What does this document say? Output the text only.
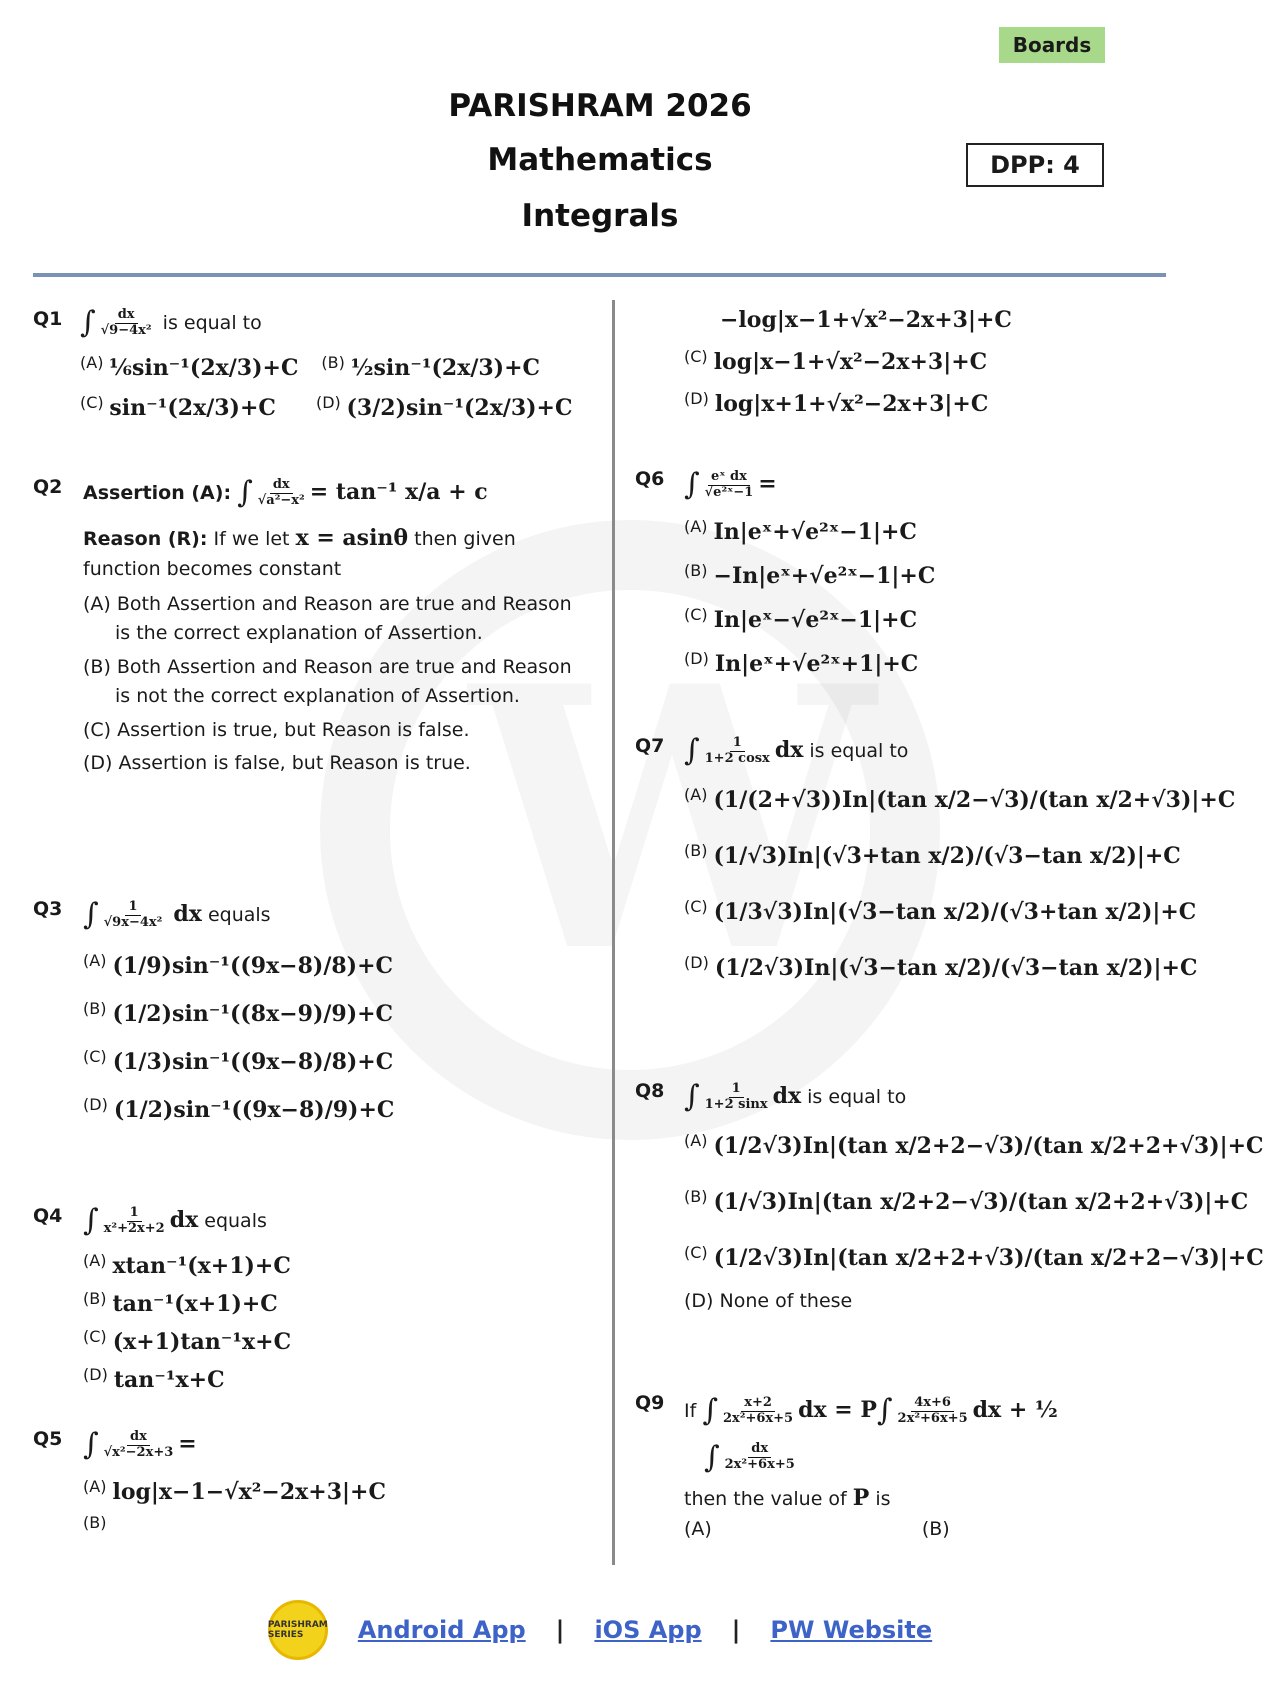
Boards
PARISHRAM 2026
Mathematics
Integrals
DPP: 4
Q1 ∫ $\frac{dx}{\text{√9−4x²}}$ is equal to
(A) ⅙sin⁻¹(2x/3)+C (B) ½sin⁻¹(2x/3)+C
(C) sin⁻¹(2x/3)+C	(D) (3/2)sin⁻¹(2x/3)+C
Q2 Assertion (A): ∫ $\frac{dx}{\text{√a²−x²}} = \tan^{-1}$ x/a + c
Reason (R): If we let x = asinθ then given function becomes constant
(A) Both Assertion and Reason are true and Reason is the correct explanation of Assertion.
(B) Both Assertion and Reason are true and Reason is not the correct explanation of Assertion.
(C) Assertion is true, but Reason is false.
(D) Assertion is false, but Reason is true.
Q3 ∫ $\frac{1}{\text{√9x−4x²}}$ dx equals
$^{(A)}$ (1/9)sin⁻¹((9x−8)/8)+C
$^{(B)}$ (1/2)sin⁻¹((8x−9)/9)+C
$^{(C)}$ (1/3)sin⁻¹((9x−8)/8)+C
$^{(D)}$ (1/2)sin⁻¹((9x−8)/9)+C
Q4 ∫ $\frac{1}{\text{x²+2x+2}}$ dx equals
$^{(A)}$ xtan⁻¹(x+1)+C
$^{(B)}$ tan⁻¹(x+1)+C
$^{(C)}$ (x+1)tan⁻¹x+C
$^{(D)}$ tan⁻¹x+C
Q5 ∫ $\frac{dx}{\text{√x²−2x+3}}$ =
$^{(A)}$ log|x−1−√x²−2x+3|+C
$^{(B)}$
−log|x−1+√x²−2x+3|+C
$^{(C)}$ log|x−1+√x²−2x+3|+C
$^{(D)}$ log|x+1+√x²−2x+3|+C
Q6 ∫ $\frac{\text{eˣ dx}}{\text{√e²ˣ−1}}$ =
$^{(A)}$ In|eˣ+√e²ˣ−1|+C
$^{(B)}$ −In|eˣ+√e²ˣ−1|+C
$^{(C)}$ In|eˣ−√e²ˣ−1|+C
$^{(D)}$ In|eˣ+√e²ˣ+1|+C
Q7 ∫ $\frac{1}{1+2 \cos x}$ dx is equal to
$^{(A)}$ (1/(2+√3))In|(tan x/2−√3)/(tan x/2+√3)|+C
$^{(B)}$ (1/√3)In|(√3+tan x/2)/(√3−tan x/2)|+C
$^{(C)}$ (1/3√3)In|(√3−tan x/2)/(√3+tan x/2)|+C
$^{(D)}$ (1/2√3)In|(√3−tan x/2)/(√3−tan x/2)|+C
Q8 ∫ $\frac{1}{1+2 \sin x}$ dx is equal to
$^{(A)}$ (1/2√3)In|(tan x/2+2−√3)/(tan x/2+2+√3)|+C
$^{(B)}$ (1/√3)In|(tan x/2+2−√3)/(tan x/2+2+√3)|+C
$^{(C)}$ (1/2√3)In|(tan x/2+2+√3)/(tan x/2+2−√3)|+C
(D) None of these
Q9 If ∫ $\frac{x+2}{\text{2x²+6x+5}}$ dx = $P\int \frac{4x+6}{\text{2x²+6x+5}}$ dx + ½
∫ $\frac{dx}{\text{2x²+6x+5}}$
then the value of P is
(A)	(B)
PARISHRAM SERIES	Android App | iOS App | PW Website
